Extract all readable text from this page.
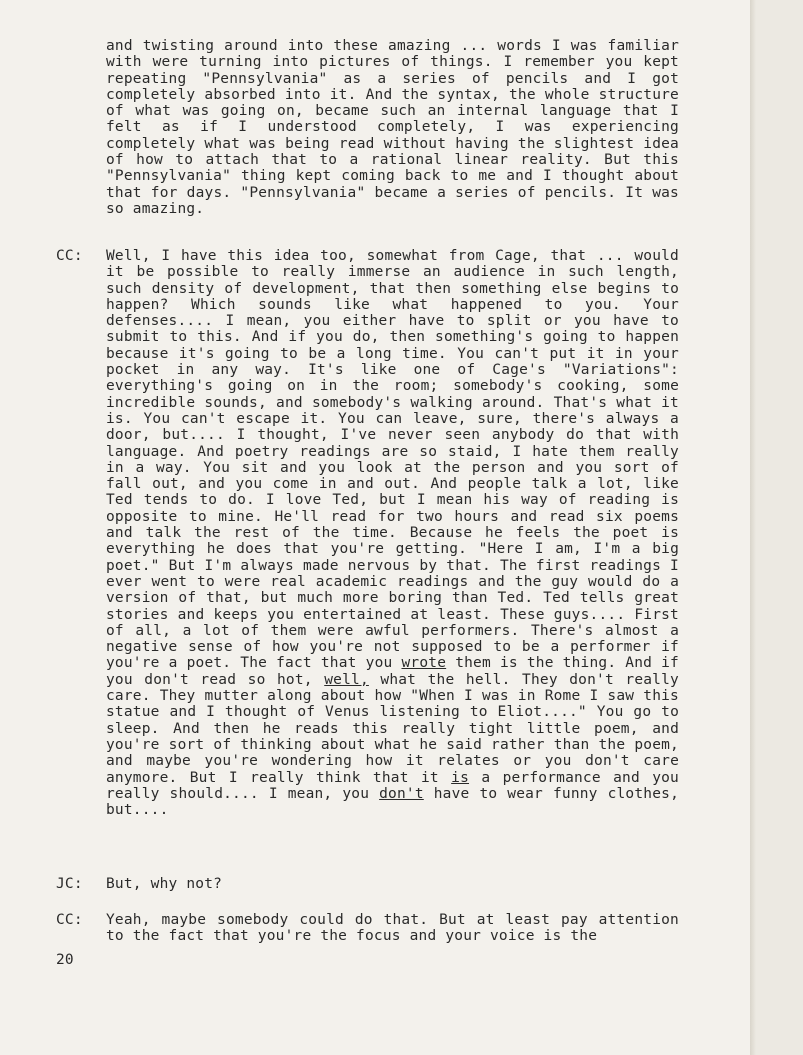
and twisting around into these amazing ... words I was familiar with were turning into pictures of things. I remember you kept repeating "Pennsylvania" as a series of pencils and I got completely absorbed into it. And the syntax, the whole structure of what was going on, became such an internal language that I felt as if I understood completely, I was experiencing completely what was being read without having the slightest idea of how to attach that to a rational linear reality. But this "Pennsylvania" thing kept coming back to me and I thought about that for days. "Pennsylvania" became a series of pencils. It was so amazing.
CC: Well, I have this idea too, somewhat from Cage, that ... would it be possible to really immerse an audience in such length, such density of development, that then something else begins to happen? Which sounds like what happened to you. Your defenses.... I mean, you either have to split or you have to submit to this. And if you do, then something's going to happen because it's going to be a long time. You can't put it in your pocket in any way. It's like one of Cage's "Variations": everything's going on in the room; somebody's cooking, some incredible sounds, and somebody's walking around. That's what it is. You can't escape it. You can leave, sure, there's always a door, but.... I thought, I've never seen anybody do that with language. And poetry readings are so staid, I hate them really in a way. You sit and you look at the person and you sort of fall out, and you come in and out. And people talk a lot, like Ted tends to do. I love Ted, but I mean his way of reading is opposite to mine. He'll read for two hours and read six poems and talk the rest of the time. Because he feels the poet is everything he does that you're getting. "Here I am, I'm a big poet." But I'm always made nervous by that. The first readings I ever went to were real academic readings and the guy would do a version of that, but much more boring than Ted. Ted tells great stories and keeps you entertained at least. These guys.... First of all, a lot of them were awful performers. There's almost a negative sense of how you're not supposed to be a performer if you're a poet. The fact that you wrote them is the thing. And if you don't read so hot, well, what the hell. They don't really care. They mutter along about how "When I was in Rome I saw this statue and I thought of Venus listening to Eliot...." You go to sleep. And then he reads this really tight little poem, and you're sort of thinking about what he said rather than the poem, and maybe you're wondering how it relates or you don't care anymore. But I really think that it is a performance and you really should.... I mean, you don't have to wear funny clothes, but....
JC: But, why not?
CC: Yeah, maybe somebody could do that. But at least pay attention to the fact that you're the focus and your voice is the
20
